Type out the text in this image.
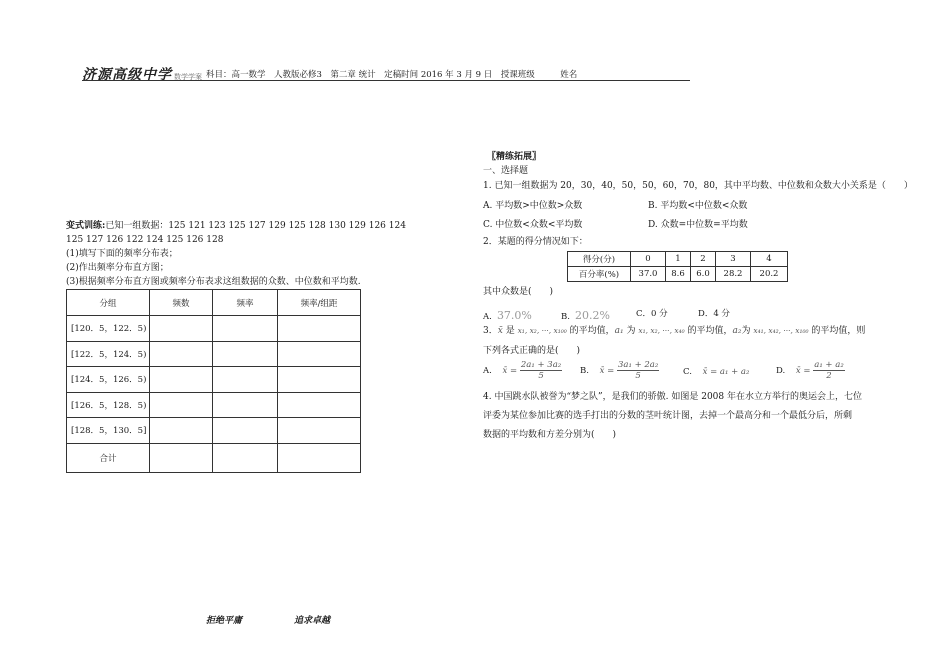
济源高级中学 数学学案 科目：高一数学　人教版必修3　第二章 统计　定稿时间 2016 年 3 月 9 日　授课班级　　　姓名
变式训练:已知一组数据：125 121 123 125 127 129 125 128 130 129 126 124
125 127 126 122 124 125 126 128
(1)填写下面的频率分布表；
(2)作出频率分布直方图；
(3)根据频率分布直方图或频率分布表求这组数据的众数、中位数和平均数.
分组	频数	频率	频率/组距
[120．5，122．5)			
[122．5，124．5)			
[124．5，126．5)			
[126．5，128．5)			
[128．5，130．5]			
合计			
〖精练拓展〗
一、选择题
1. 已知一组数据为 20，30，40，50，50，60，70，80，其中平均数、中位数和众数大小关系是（　　）
A. 平均数>中位数>众数	B. 平均数<中位数<众数
C. 中位数<众数<平均数	D. 众数=中位数=平均数
2．某题的得分情况如下：
得分(分)	0	1	2	3	4
百分率(%)	37.0	8.6	6.0	28.2	20.2
其中众数是(　　)
A. 37.0%	B. 20.2%	C．0 分	D．4 分
3．x̄ 是 x₁, x₂, ···, x₁₀₀ 的平均值，a₁ 为 x₁, x₂, ···, x₄₀ 的平均值，a₂为 x₄₁, x₄₂, ···, x₁₀₀ 的平均值，则
下列各式正确的是(　　)
A. x̄ = $\frac{\text{2a₁ + 3a₂}}{5} B$. x̄ = $\frac{\text{3a₁ + 2a₂}}{5}$	C. x̄ = a₁ + a₂	D. x̄ = $\frac{\text{a₁ + a₂}}{2}$
4. 中国跳水队被誉为“梦之队”，是我们的骄傲. 如图是 2008 年在水立方举行的奥运会上，七位
评委为某位参加比赛的选手打出的分数的茎叶统计图，去掉一个最高分和一个最低分后，所剩
数据的平均数和方差分别为(　　)
拒绝平庸	追求卓越
